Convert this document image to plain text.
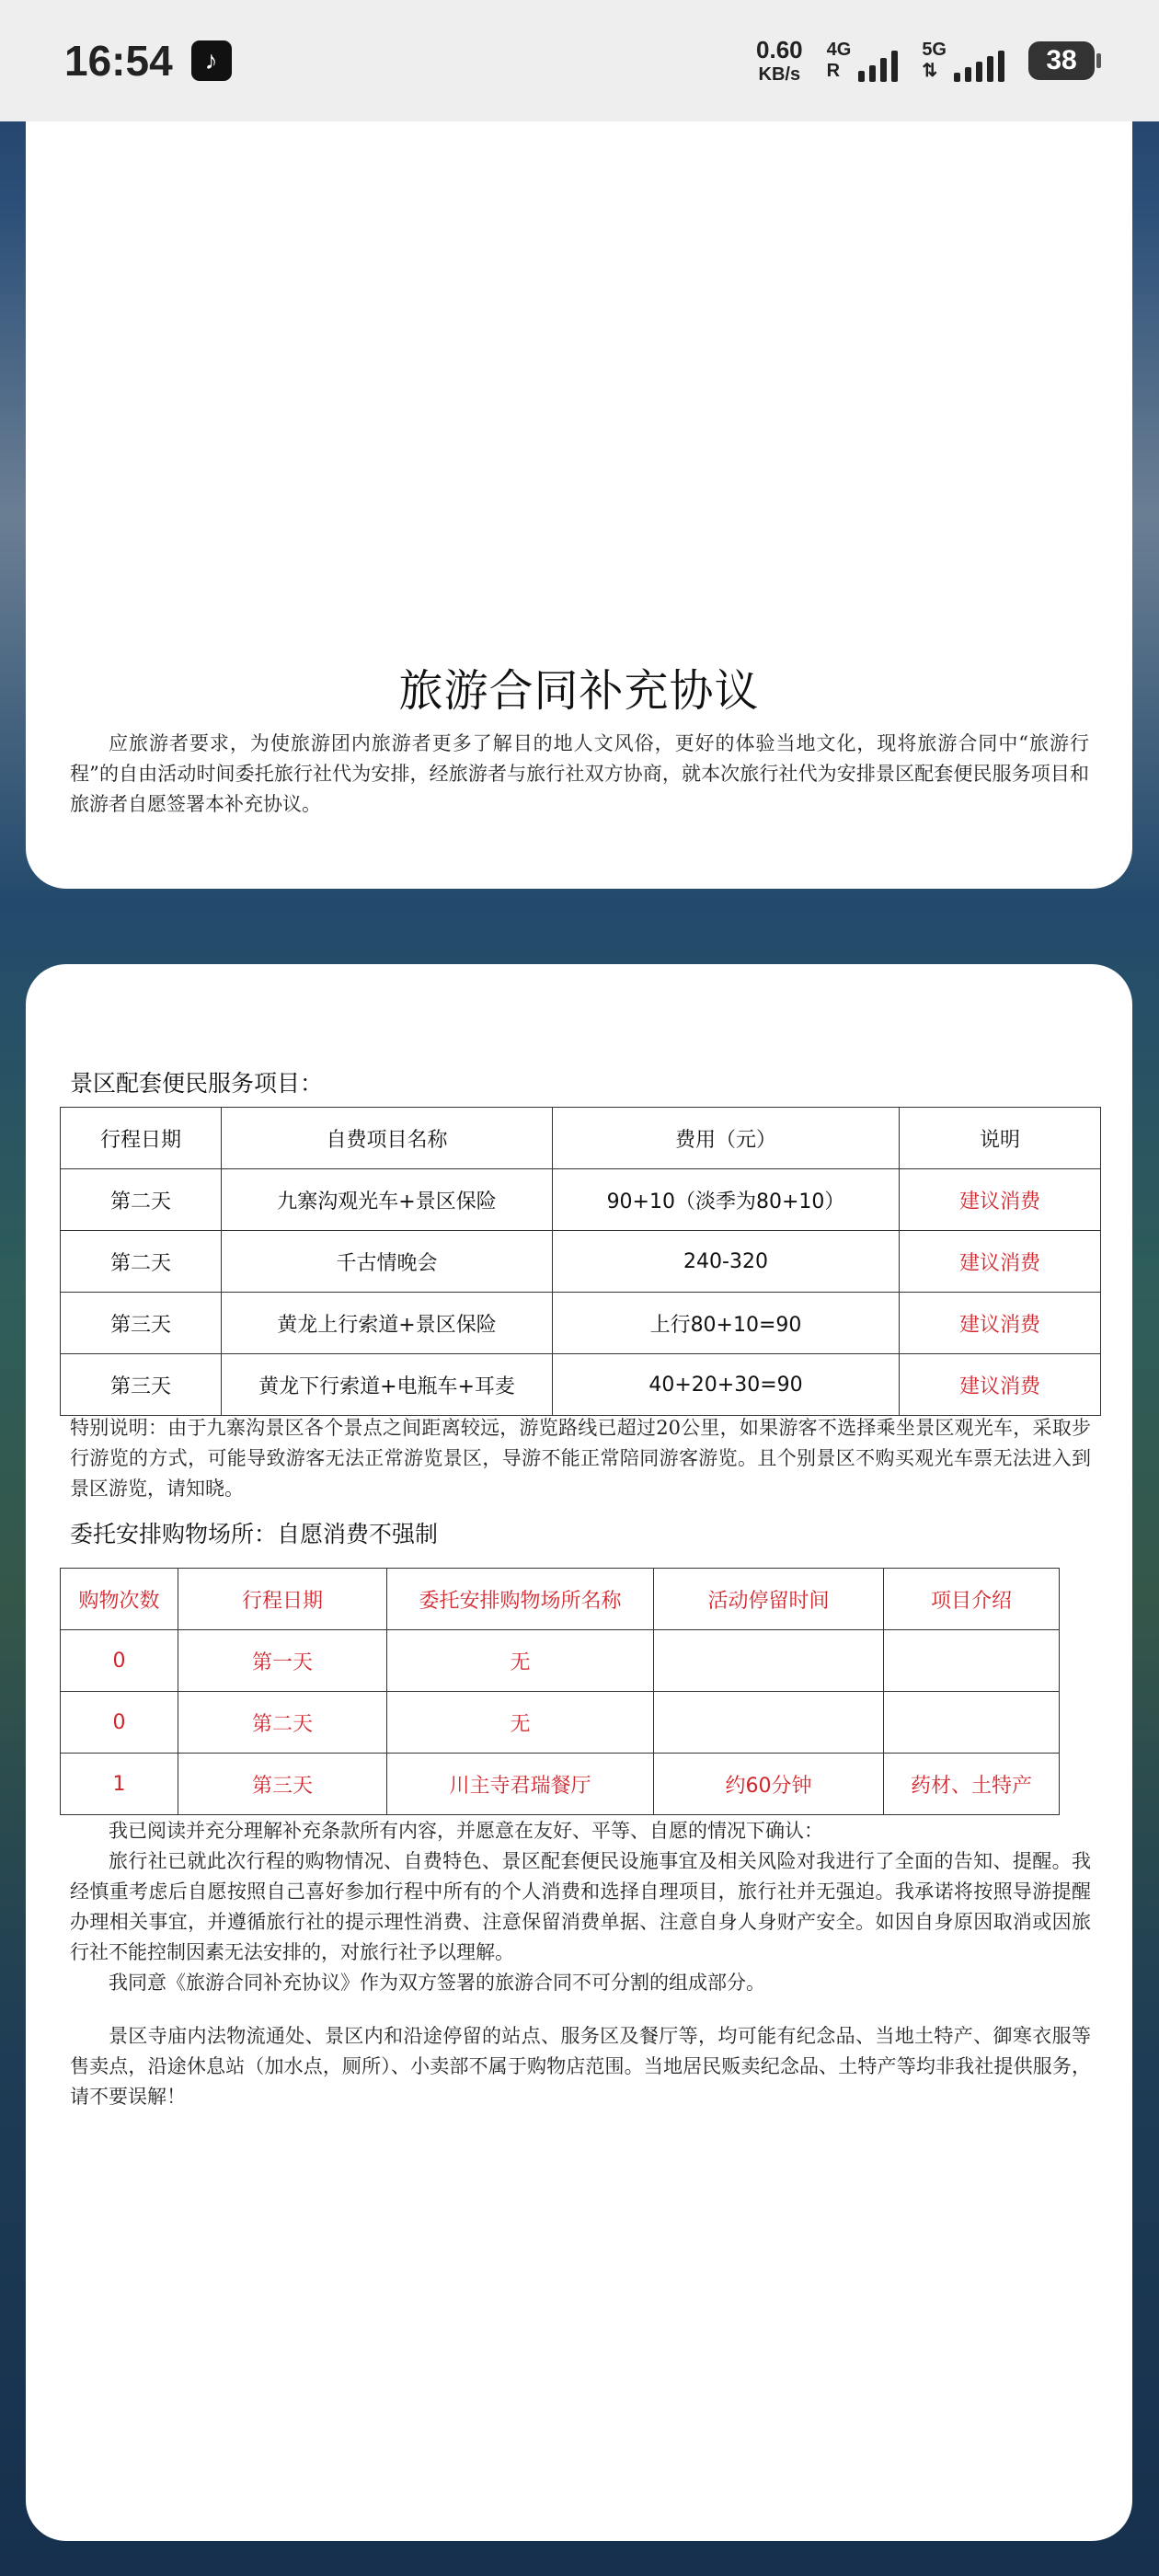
16:54	♪	0.60
KB/s
4G
R
5G
⇅	38
旅游合同补充协议
应旅游者要求，为使旅游团内旅游者更多了解目的地人文风俗，更好的体验当地文化，现将旅游合同中“旅游行程”的自由活动时间委托旅行社代为安排，经旅游者与旅行社双方协商，就本次旅行社代为安排景区配套便民服务项目和旅游者自愿签署本补充协议。
景区配套便民服务项目：
行程日期	自费项目名称	费用（元）	说明
第二天	九寨沟观光车+景区保险	90+10（淡季为80+10）	建议消费
第二天	千古情晚会	240-320	建议消费
第三天	黄龙上行索道+景区保险	上行80+10=90	建议消费
第三天	黄龙下行索道+电瓶车+耳麦	40+20+30=90	建议消费
特别说明：由于九寨沟景区各个景点之间距离较远，游览路线已超过20公里，如果游客不选择乘坐景区观光车，采取步行游览的方式，可能导致游客无法正常游览景区，导游不能正常陪同游客游览。且个别景区不购买观光车票无法进入到景区游览，请知晓。
委托安排购物场所：自愿消费不强制
购物次数	行程日期	委托安排购物场所名称	活动停留时间	项目介绍
0	第一天	无		
0	第二天	无		
1	第三天	川主寺君瑞餐厅	约60分钟	药材、土特产

我已阅读并充分理解补充条款所有内容，并愿意在友好、平等、自愿的情况下确认：

旅行社已就此次行程的购物情况、自费特色、景区配套便民设施事宜及相关风险对我进行了全面的告知、提醒。我经慎重考虑后自愿按照自己喜好参加行程中所有的个人消费和选择自理项目，旅行社并无强迫。我承诺将按照导游提醒办理相关事宜，并遵循旅行社的提示理性消费、注意保留消费单据、注意自身人身财产安全。如因自身原因取消或因旅行社不能控制因素无法安排的，对旅行社予以理解。

我同意《旅游合同补充协议》作为双方签署的旅游合同不可分割的组成部分。

景区寺庙内法物流通处、景区内和沿途停留的站点、服务区及餐厅等，均可能有纪念品、当地土特产、御寒衣服等售卖点，沿途休息站（加水点，厕所）、小卖部不属于购物店范围。当地居民贩卖纪念品、土特产等均非我社提供服务，请不要误解！
